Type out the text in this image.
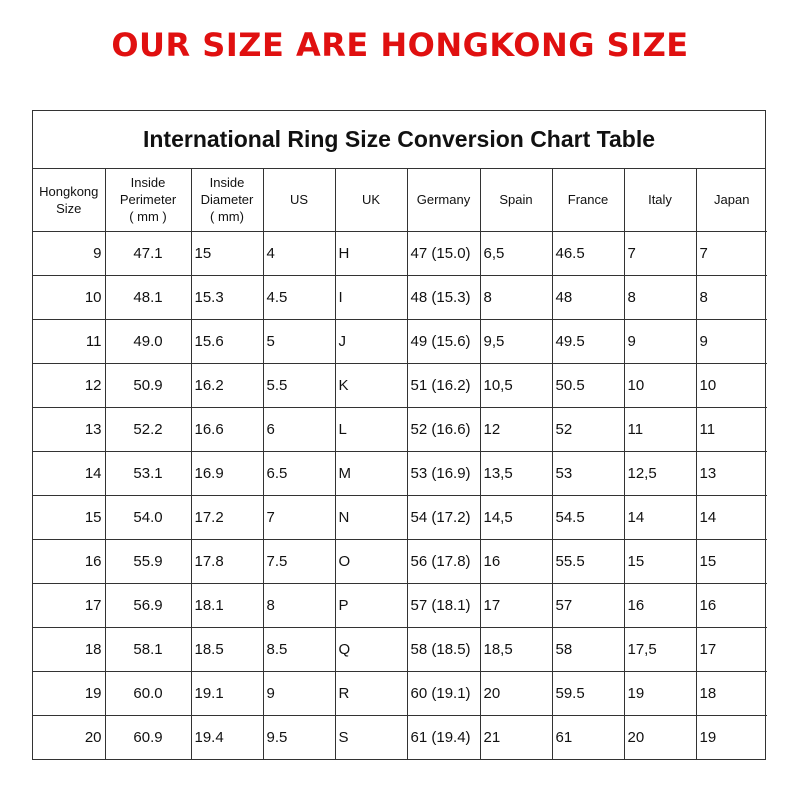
OUR SIZE ARE HONGKONG SIZE
International Ring Size Conversion Chart Table
Hongkong
Size	Inside
Perimeter
( mm )	Inside
Diameter
( mm)	US	UK	Germany	Spain	France	Italy	Japan
9	47.1	15	4	H	47 (15.0)	6,5	46.5	7	7
10	48.1	15.3	4.5	I	48 (15.3)	8	48	8	8
11	49.0	15.6	5	J	49 (15.6)	9,5	49.5	9	9
12	50.9	16.2	5.5	K	51 (16.2)	10,5	50.5	10	10
13	52.2	16.6	6	L	52 (16.6)	12	52	11	11
14	53.1	16.9	6.5	M	53 (16.9)	13,5	53	12,5	13
15	54.0	17.2	7	N	54 (17.2)	14,5	54.5	14	14
16	55.9	17.8	7.5	O	56 (17.8)	16	55.5	15	15
17	56.9	18.1	8	P	57 (18.1)	17	57	16	16
18	58.1	18.5	8.5	Q	58 (18.5)	18,5	58	17,5	17
19	60.0	19.1	9	R	60 (19.1)	20	59.5	19	18
20	60.9	19.4	9.5	S	61 (19.4)	21	61	20	19
